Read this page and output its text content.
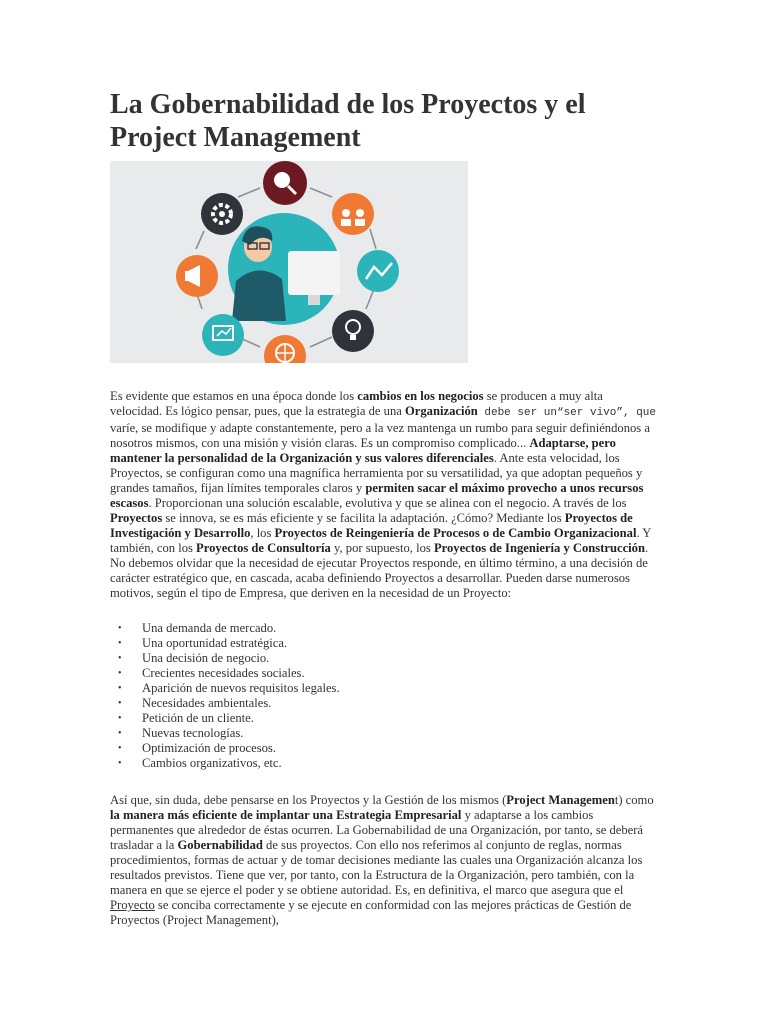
La Gobernabilidad de los Proyectos y el Project Management

Es evidente que estamos en una época donde los cambios en los negocios se producen a muy alta velocidad. Es lógico pensar, pues, que la estrategia de una Organización debe ser un“ser vivo”, que varíe, se modifique y adapte constantemente, pero a la vez mantenga un rumbo para seguir definiéndonos a nosotros mismos, con una misión y visión claras. Es un compromiso complicado... Adaptarse, pero mantener la personalidad de la Organización y sus valores diferenciales. Ante esta velocidad, los Proyectos, se configuran como una magnífica herramienta por su versatilidad, ya que adoptan pequeños y grandes tamaños, fijan límites temporales claros y permiten sacar el máximo provecho a unos recursos escasos. Proporcionan una solución escalable, evolutiva y que se alinea con el negocio. A través de los Proyectos se innova, se es más eficiente y se facilita la adaptación. ¿Cómo? Mediante los Proyectos de Investigación y Desarrollo, los Proyectos de Reingeniería de Procesos o de Cambio Organizacional. Y también, con los Proyectos de Consultoría y, por supuesto, los Proyectos de Ingeniería y Construcción. No debemos olvidar que la necesidad de ejecutar Proyectos responde, en último término, a una decisión de carácter estratégico que, en cascada, acaba definiendo Proyectos a desarrollar. Pueden darse numerosos motivos, según el tipo de Empresa, que deriven en la necesidad de un Proyecto:

• Una demanda de mercado.
• Una oportunidad estratégica.
• Una decisión de negocio.
• Crecientes necesidades sociales.
• Aparición de nuevos requisitos legales.
• Necesidades ambientales.
• Petición de un cliente.
• Nuevas tecnologías.
• Optimización de procesos.
• Cambios organizativos, etc.

Así que, sin duda, debe pensarse en los Proyectos y la Gestión de los mismos (Project Management) como la manera más eficiente de implantar una Estrategia Empresarial y adaptarse a los cambios permanentes que alrededor de éstas ocurren. La Gobernabilidad de una Organización, por tanto, se deberá trasladar a la Gobernabilidad de sus proyectos. Con ello nos referimos al conjunto de reglas, normas procedimientos, formas de actuar y de tomar decisiones mediante las cuales una Organización alcanza los resultados previstos. Tiene que ver, por tanto, con la Estructura de la Organización, pero también, con la manera en que se ejerce el poder y se obtiene autoridad. Es, en definitiva, el marco que asegura que el Proyecto se conciba correctamente y se ejecute en conformidad con las mejores prácticas de Gestión de Proyectos (Project Management),
